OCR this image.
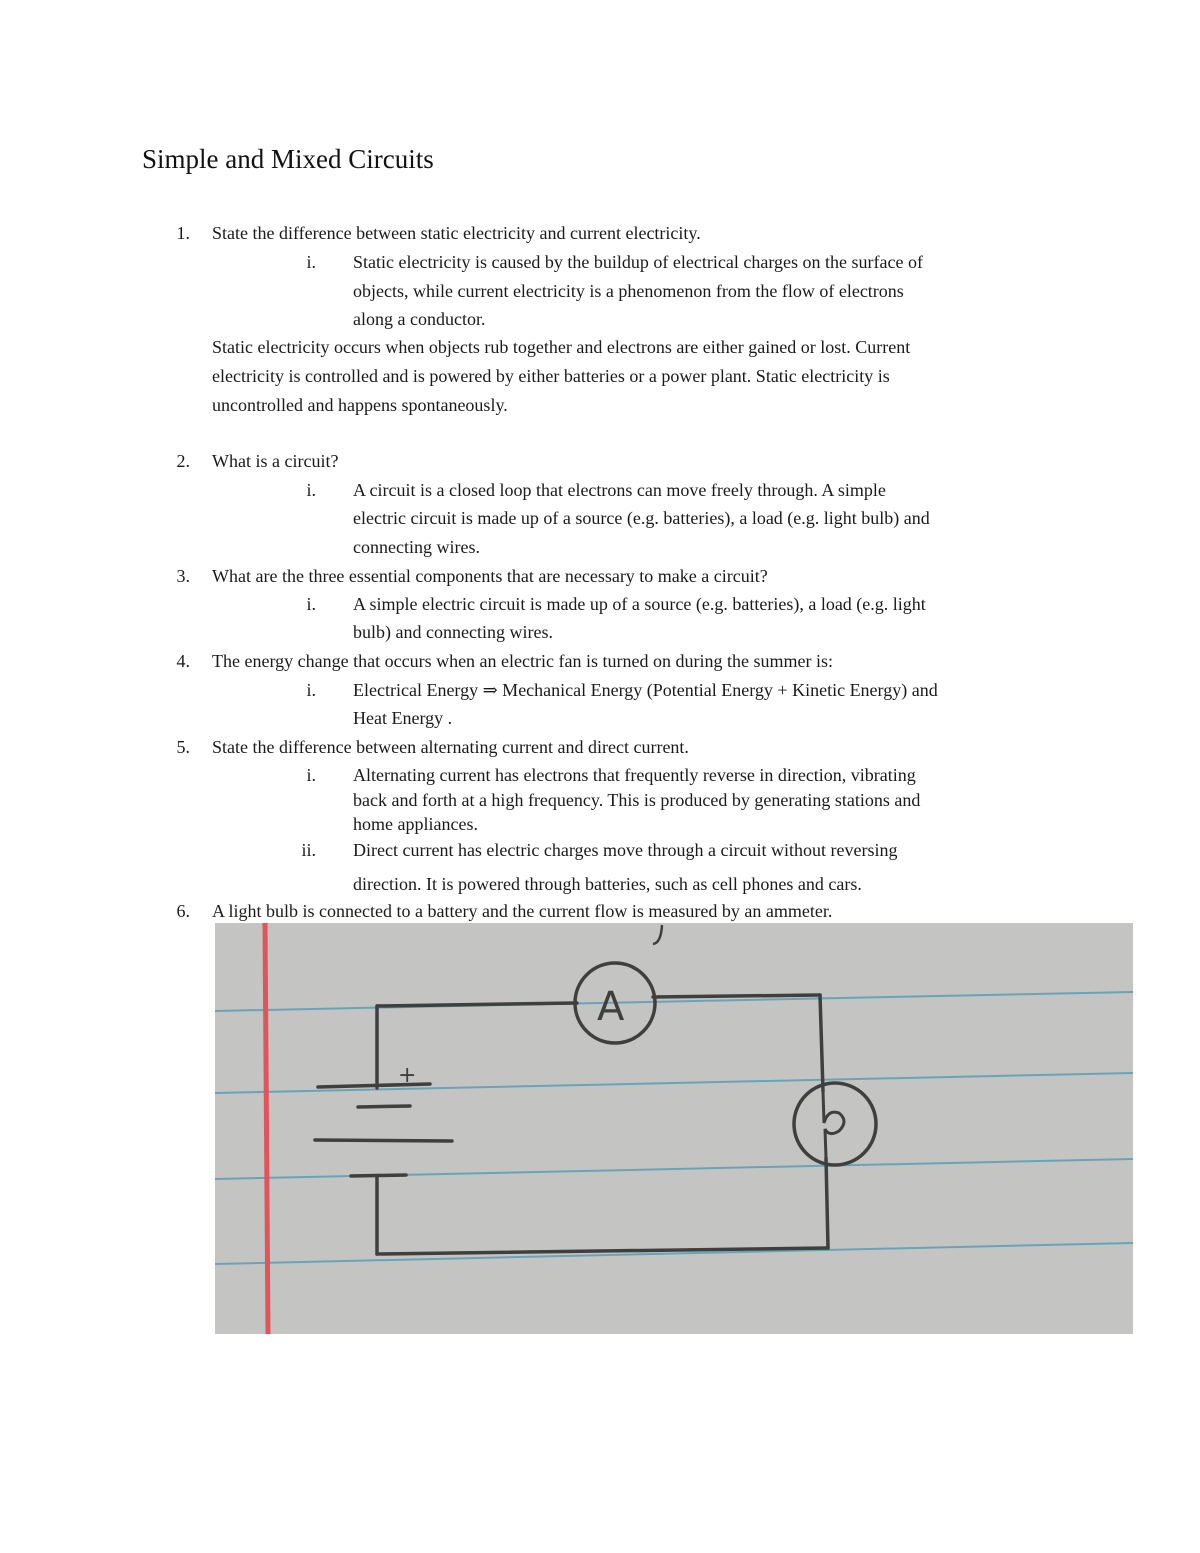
Simple and Mixed Circuits
1. State the difference between static electricity and current electricity.
i. Static electricity is caused by the buildup of electrical charges on the surface of
objects, while current electricity is a phenomenon from the flow of electrons
along a conductor.
Static electricity occurs when objects rub together and electrons are either gained or lost. Current
electricity is controlled and is powered by either batteries or a power plant. Static electricity is
uncontrolled and happens spontaneously.
2. What is a circuit?
i. A circuit is a closed loop that electrons can move freely through. A simple
electric circuit is made up of a source (e.g. batteries), a load (e.g. light bulb) and
connecting wires.
3. What are the three essential components that are necessary to make a circuit?
i. A simple electric circuit is made up of a source (e.g. batteries), a load (e.g. light
bulb) and connecting wires.
4. The energy change that occurs when an electric fan is turned on during the summer is:
i. Electrical Energy ⇒ Mechanical Energy (Potential Energy + Kinetic Energy) and
Heat Energy .
5. State the difference between alternating current and direct current.
i. Alternating current has electrons that frequently reverse in direction, vibrating
back and forth at a high frequency. This is produced by generating stations and
home appliances.
ii. Direct current has electric charges move through a circuit without reversing
direction. It is powered through batteries, such as cell phones and cars.
6. A light bulb is connected to a battery and the current flow is measured by an ammeter.
+
A
